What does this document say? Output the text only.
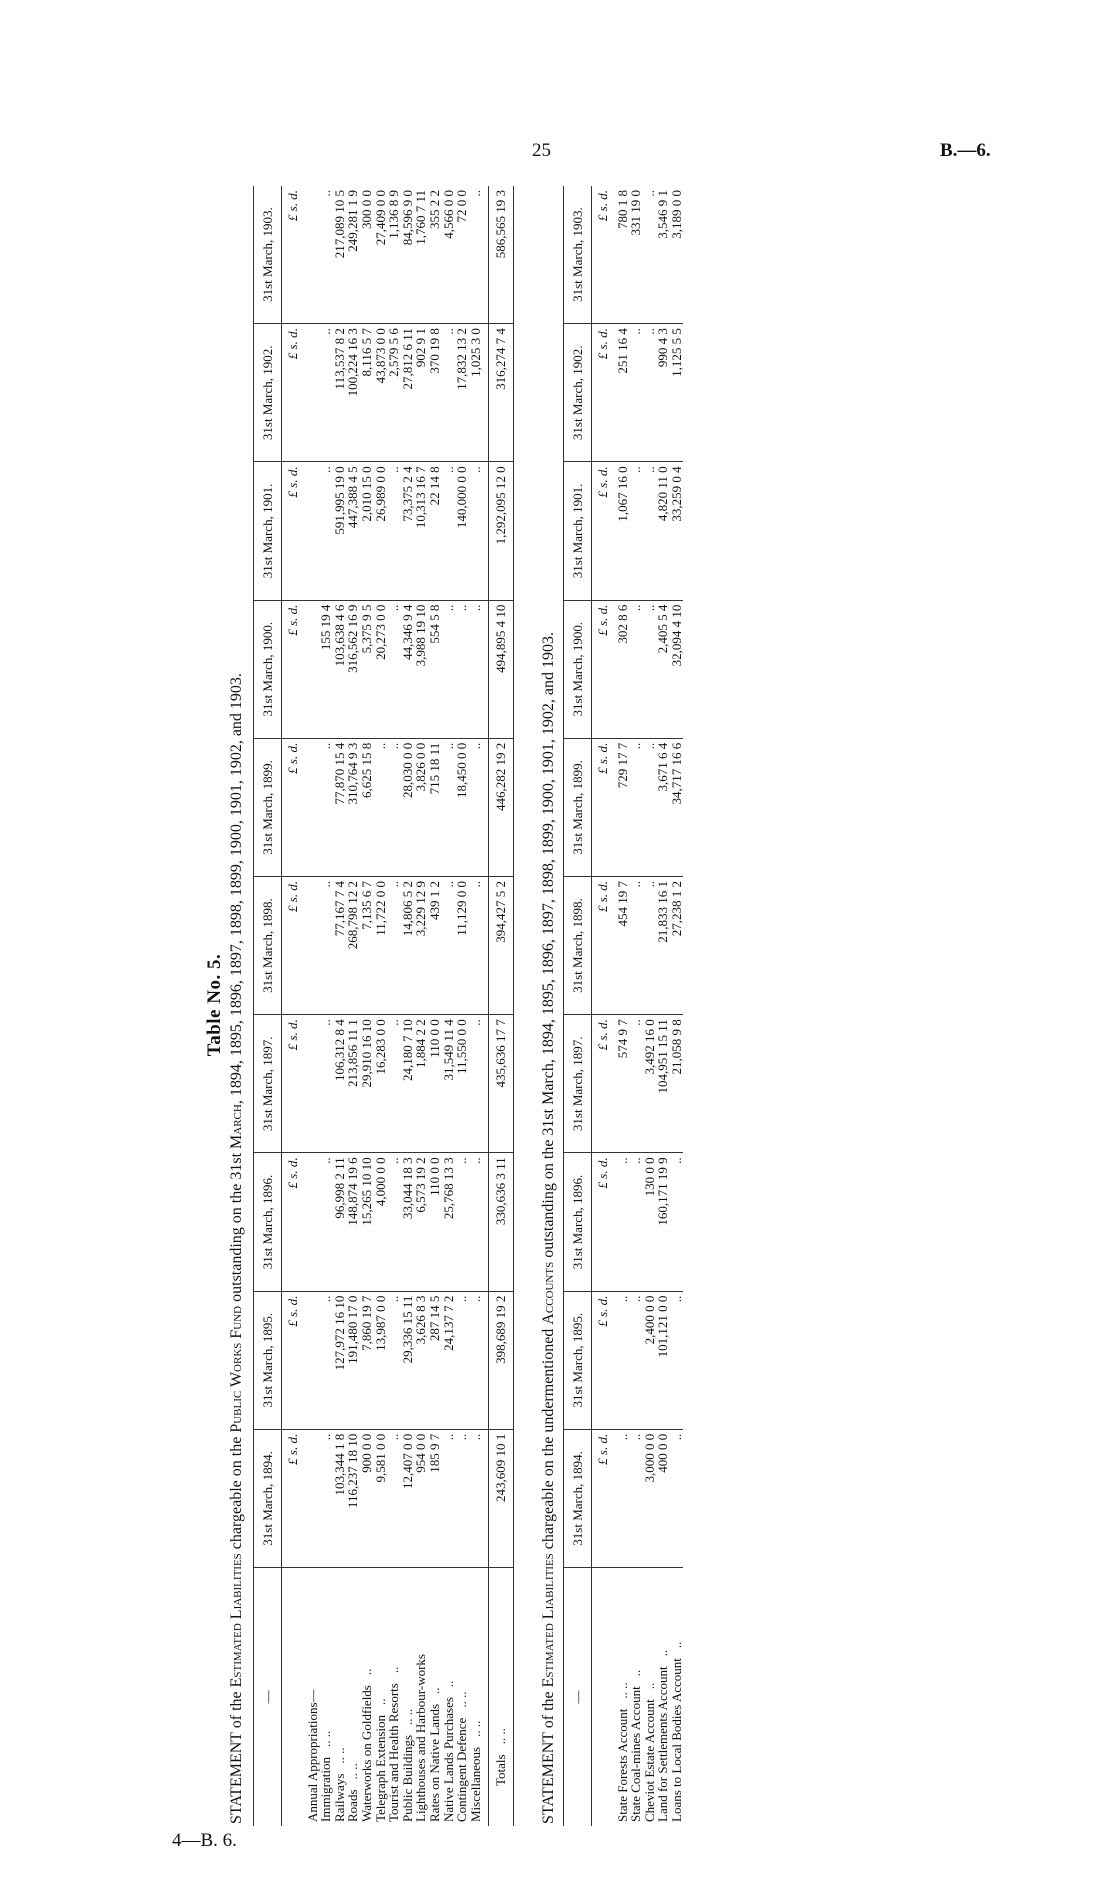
25	B.—6.
4—B. 6.
Table No. 5.
STATEMENT of the Estimated Liabilities chargeable on the Public Works Fund outstanding on the 31st March, 1894, 1895, 1896, 1897, 1898, 1899, 1900, 1901, 1902, and 1903.
—	31st March, 1894.	31st March, 1895.	31st March, 1896.	31st March, 1897.	31st March, 1898.	31st March, 1899.	31st March, 1900.	31st March, 1901.	31st March, 1902.	31st March, 1903.
	£ s. d.	£ s. d.	£ s. d.	£ s. d.	£ s. d.	£ s. d.	£ s. d.	£ s. d.	£ s. d.	£ s. d.
Annual Appropriations—										
Immigration.. ..	..	..	..	..	..	..	155 19 4	..	..	..
Railways.. ..	103,344 1 8	127,972 16 10	96,998 2 11	106,312 8 4	77,167 7 4	77,870 15 4	103,638 4 6	591,995 19 0	113,537 8 2	217,089 10 5
Roads.. ..	116,237 18 10	191,480 17 0	148,874 19 6	213,856 11 1	268,798 12 2	310,764 9 3	316,562 16 9	447,388 4 5	100,224 16 3	249,281 1 9
Waterworks on Goldfields..	900 0 0	7,860 19 7	15,265 10 10	29,910 16 10	7,135 6 7	6,625 15 8	5,375 9 5	2,010 15 0	8,116 5 7	300 0 0
Telegraph Extension..	9,581 0 0	13,987 0 0	4,000 0 0	16,283 0 0	11,722 0 0	..	20,273 0 0	26,989 0 0	43,873 0 0	27,409 0 0
Tourist and Health Resorts..	..	..	..	..	..	..	..	..	2,579 5 6	1,136 8 9
Public Buildings.. ..	12,407 0 0	29,336 15 11	33,044 18 3	24,180 7 10	14,806 5 2	28,030 0 0	44,346 9 4	73,375 2 4	27,812 6 11	84,596 9 0
Lighthouses and Harbour-works	954 0 0	3,626 8 3	6,573 19 2	1,884 2 2	3,229 12 9	3,826 0 0	3,988 19 10	10,313 16 7	902 9 1	1,760 7 11
Rates on Native Lands..	185 9 7	287 14 5	110 0 0	110 0 0	439 1 2	715 18 11	554 5 8	22 14 8	370 19 8	355 2 2
Native Lands Purchases..	..	24,137 7 2	25,768 13 3	31,549 11 4	..	..	..	..	..	4,566 0 0
Contingent Defence.. ..	..	..	..	11,550 0 0	11,129 0 0	18,450 0 0	..	140,000 0 0	17,832 13 2	72 0 0
Miscellaneous.. ..	..	..	..	..	..	..	..	..	1,025 3 0	..

Totals.. ..	243,609 10 1	398,689 19 2	330,636 3 11	435,636 17 7	394,427 5 2	446,282 19 2	494,895 4 10	1,292,095 12 0	316,274 7 4	586,565 19 3
STATEMENT of the Estimated Liabilities chargeable on the undermentioned Accounts outstanding on the 31st March, 1894, 1895, 1896, 1897, 1898, 1899, 1900, 1901, 1902, and 1903.
—	31st March, 1894.	31st March, 1895.	31st March, 1896.	31st March, 1897.	31st March, 1898.	31st March, 1899.	31st March, 1900.	31st March, 1901.	31st March, 1902.	31st March, 1903.
	£ s. d.	£ s. d.	£ s. d.	£ s. d.	£ s. d.	£ s. d.	£ s. d.	£ s. d.	£ s. d.	£ s. d.
State Forests Account.. ..	..	..	..	574 9 7	454 19 7	729 17 7	302 8 6	1,067 16 0	251 16 4	780 1 8
State Coal-mines Account..	..	..	..	..	..	..	..	..	..	331 19 0
Cheviot Estate Account..	3,000 0 0	2,400 0 0	130 0 0	3,492 16 0	..	..	..	..	..	..
Land for Settlements Account..	400 0 0	101,121 0 0	160,171 19 9	104,951 15 11	21,833 16 1	3,671 6 4	2,405 5 4	4,820 11 0	990 4 3	3,546 9 1
Loans to Local Bodies Account..	..	..	..	21,058 9 8	27,238 1 2	34,717 16 6	32,094 4 10	33,259 0 4	1,125 5 5	3,189 0 0
